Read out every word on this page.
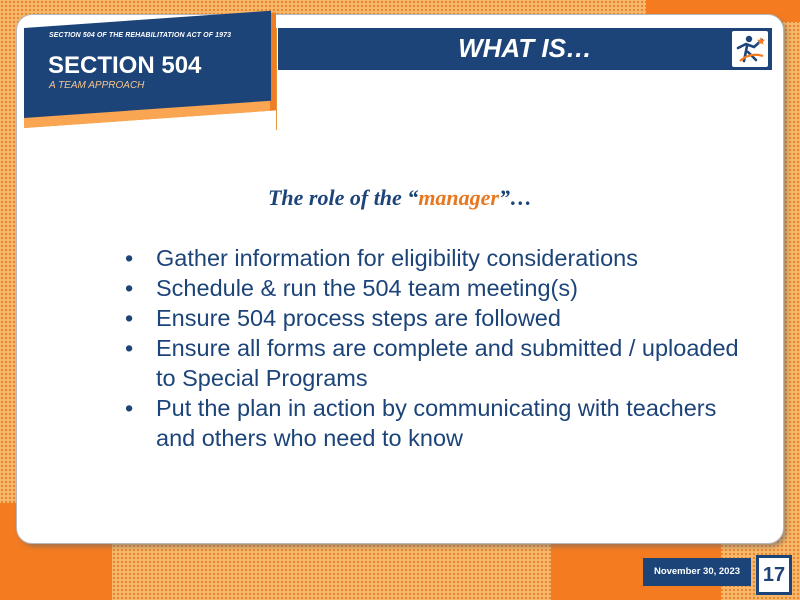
WHAT IS…
SECTION 504 OF THE REHABILITATION ACT OF 1973
SECTION 504
A TEAM APPROACH
The role of the “manager”…
• Gather information for eligibility considerations
• Schedule & run the 504 team meeting(s)
• Ensure 504 process steps are followed
• Ensure all forms are complete and submitted / uploaded to Special Programs
• Put the plan in action by communicating with teachers and others who need to know
November 30, 2023	17
